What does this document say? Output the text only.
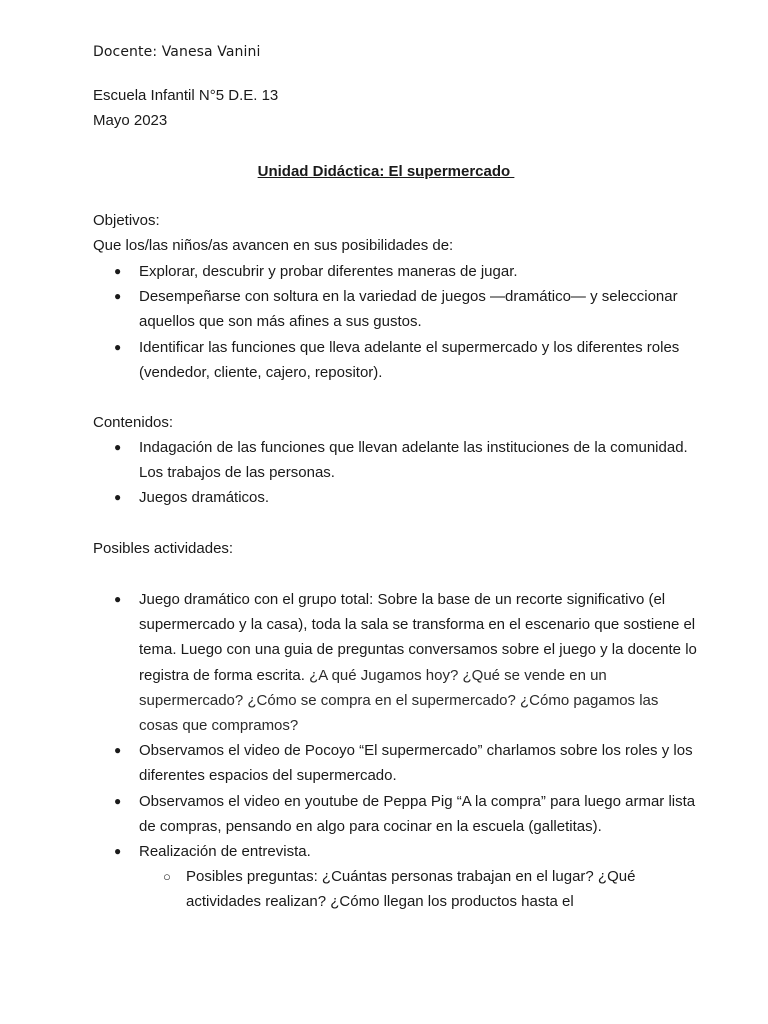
Docente: Vanesa Vanini
Escuela Infantil N°5 D.E. 13
Mayo 2023
Unidad Didáctica: El supermercado
Objetivos:
Que los/las niños/as avancen en sus posibilidades de:
● Explorar, descubrir y probar diferentes maneras de jugar.
● Desempeñarse con soltura en la variedad de juegos —dramático— y seleccionar aquellos que son más afines a sus gustos.
● Identificar las funciones que lleva adelante el supermercado y los diferentes roles (vendedor, cliente, cajero, repositor).
Contenidos:
● Indagación de las funciones que llevan adelante las instituciones de la comunidad. Los trabajos de las personas.
● Juegos dramáticos.
Posibles actividades:
● Juego dramático con el grupo total: Sobre la base de un recorte significativo (el supermercado y la casa), toda la sala se transforma en el escenario que sostiene el tema. Luego con una guia de preguntas conversamos sobre el juego y la docente lo registra de forma escrita. ¿A qué Jugamos hoy? ¿Qué se vende en un supermercado? ¿Cómo se compra en el supermercado? ¿Cómo pagamos las cosas que compramos?
● Observamos el video de Pocoyo “El supermercado” charlamos sobre los roles y los diferentes espacios del supermercado.
● Observamos el video en youtube de Peppa Pig “A la compra” para luego armar lista de compras, pensando en algo para cocinar en la escuela (galletitas).
● Realización de entrevista.
○ Posibles preguntas: ¿Cuántas personas trabajan en el lugar? ¿Qué actividades realizan? ¿Cómo llegan los productos hasta el
